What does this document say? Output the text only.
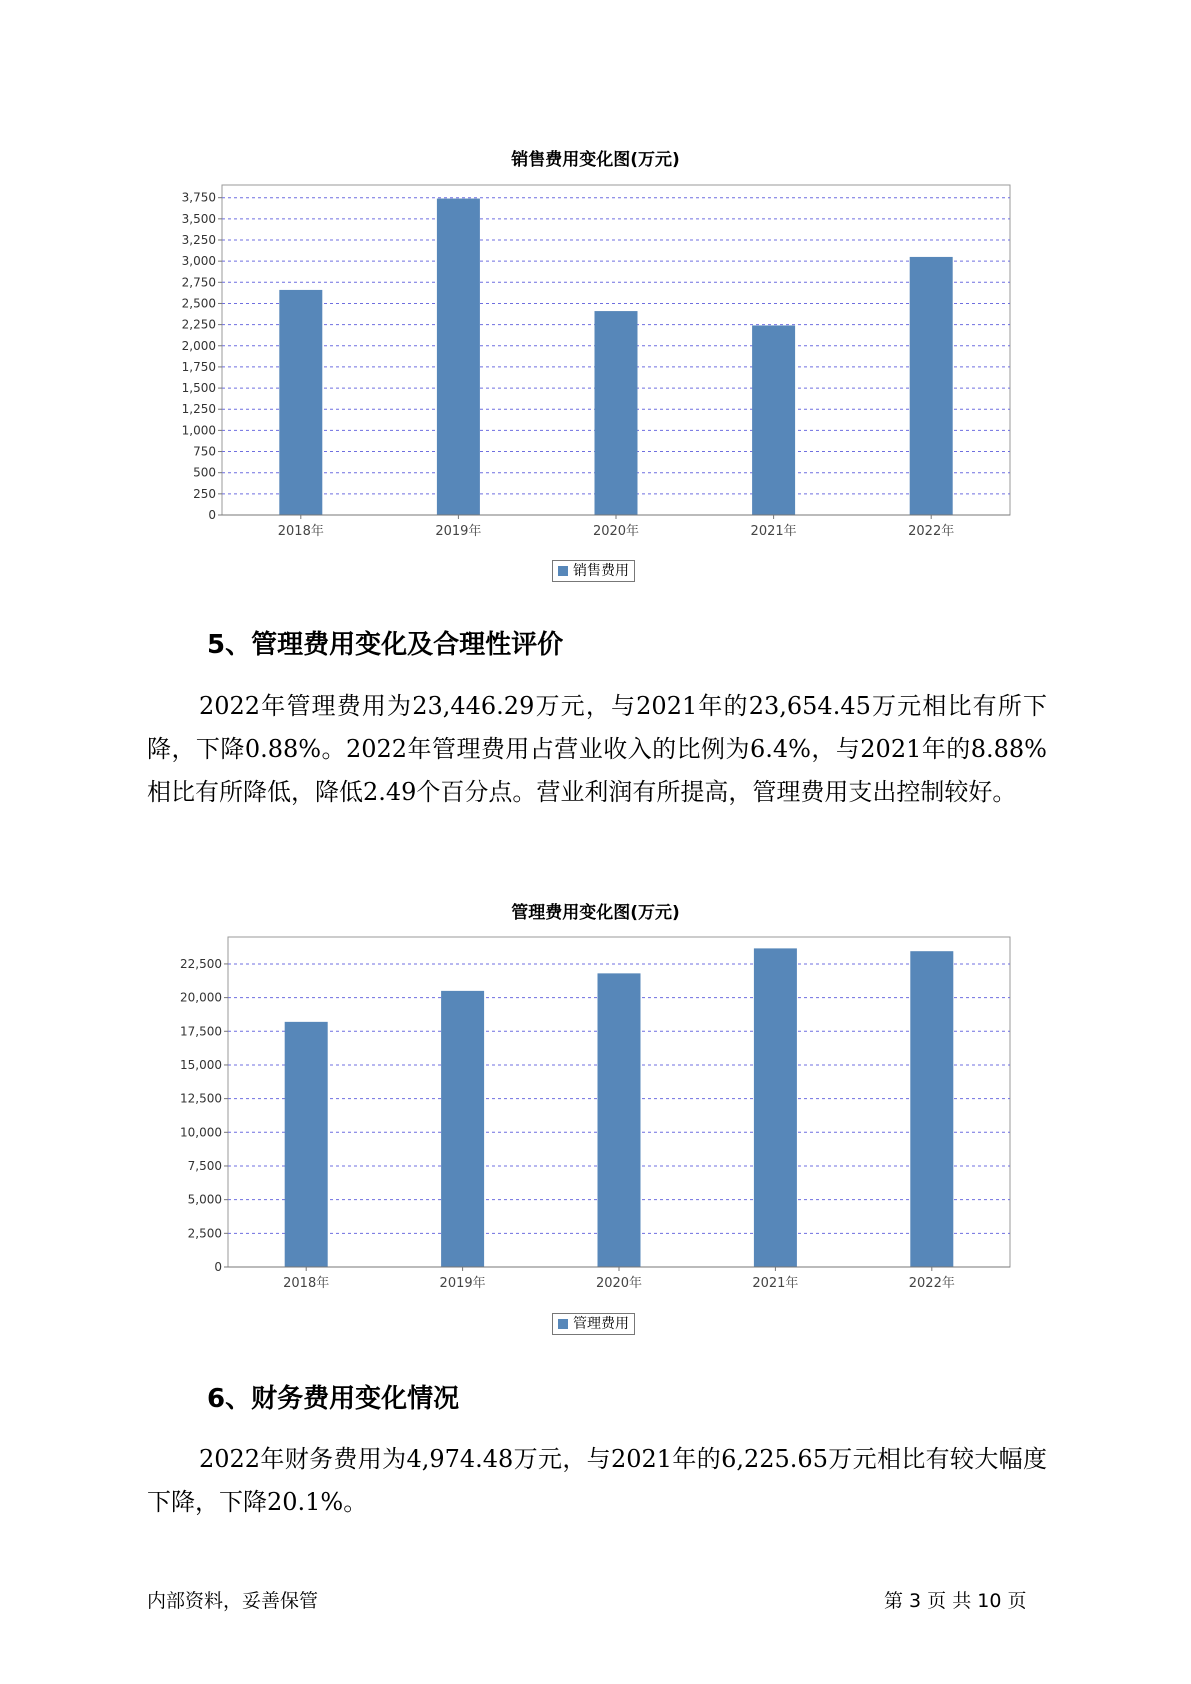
销售费用变化图(万元)
0
250
500
750
1,000
1,250
1,500
1,750
2,000
2,250
2,500
2,750
3,000
3,250
3,500
3,750
2018年	2019年	2020年	2021年	2022年
销售费用
5、管理费用变化及合理性评价
2022年管理费用为23,446.29万元，与2021年的23,654.45万元相比有所下降，下降0.88%。2022年管理费用占营业收入的比例为6.4%，与2021年的8.88%相比有所降低，降低2.49个百分点。营业利润有所提高，管理费用支出控制较好。
管理费用变化图(万元)
0
2,500
5,000
7,500
10,000
12,500
15,000
17,500
20,000
22,500
2018年	2019年	2020年	2021年	2022年
管理费用
6、财务费用变化情况
2022年财务费用为4,974.48万元，与2021年的6,225.65万元相比有较大幅度下降，下降20.1%。
内部资料，妥善保管	第 3 页 共 10 页
